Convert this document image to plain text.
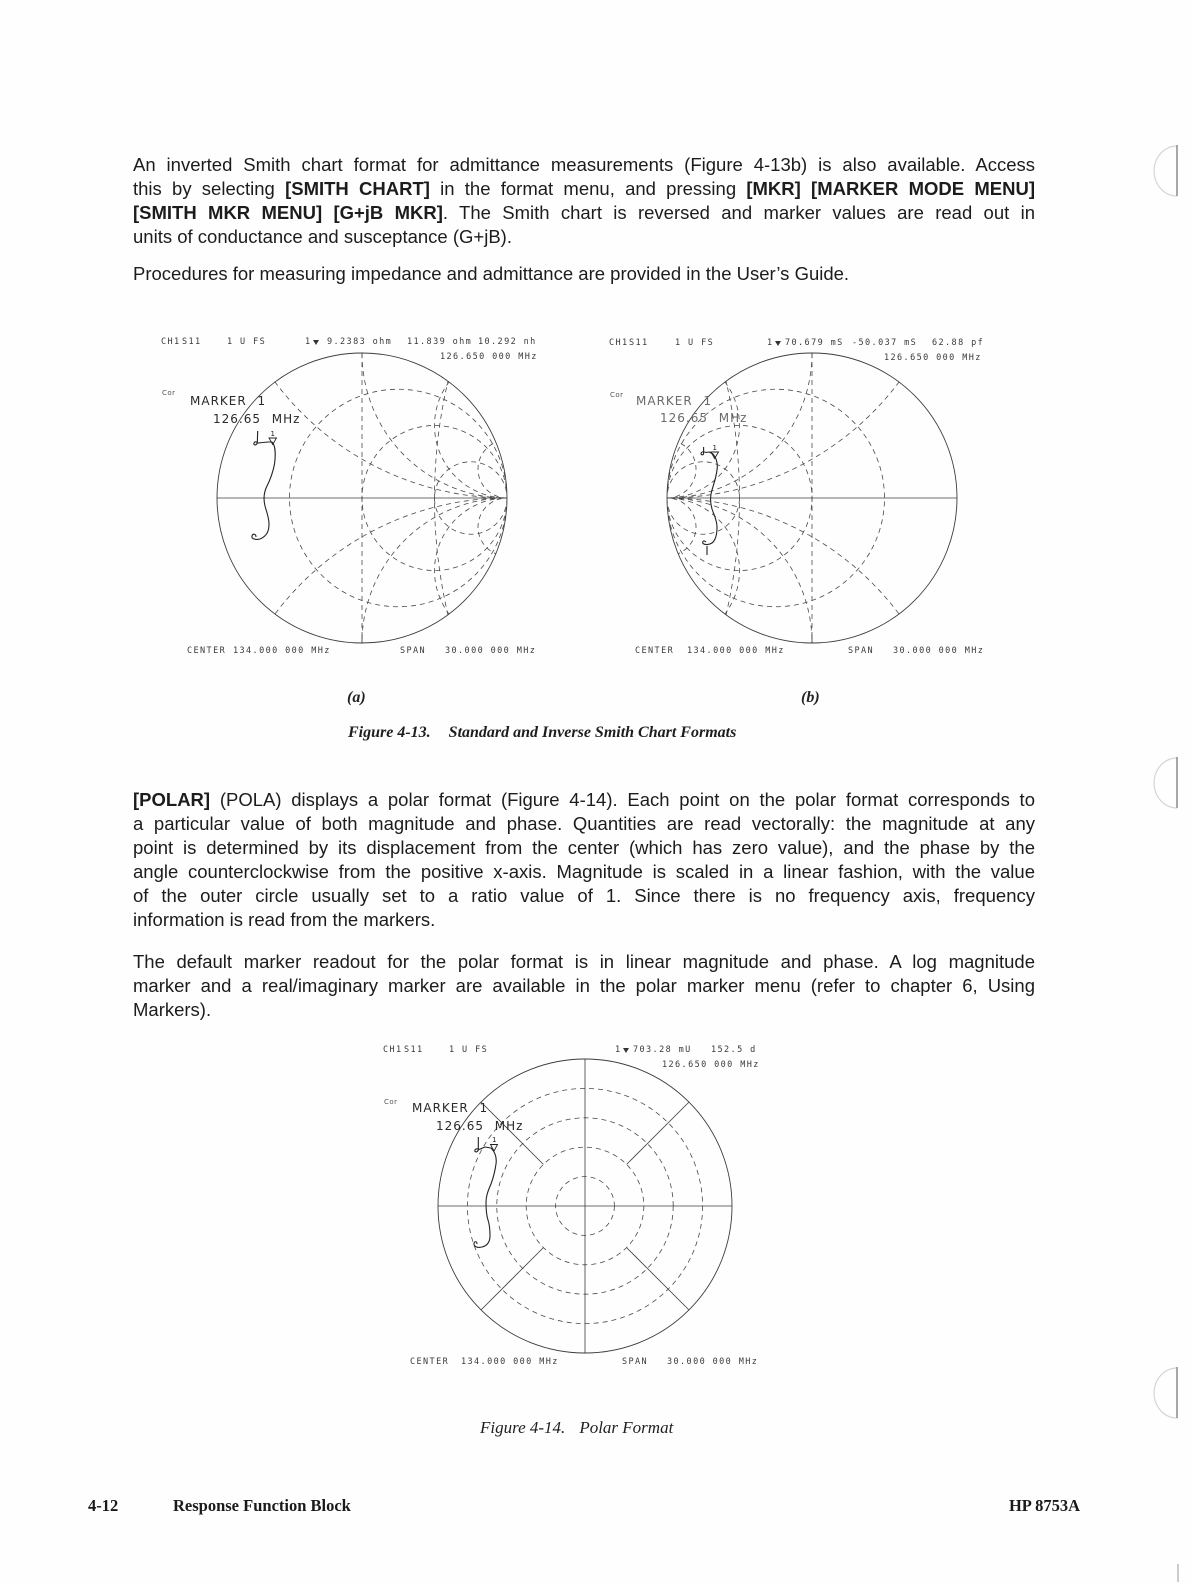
An inverted Smith chart format for admittance measurements (Figure 4-13b) is also available. Access
this by selecting [SMITH CHART] in the format menu, and pressing [MKR] [MARKER MODE MENU]
[SMITH MKR MENU] [G+jB MKR]. The Smith chart is reversed and marker values are read out in
units of conductance and susceptance (G+jB).
Procedures for measuring impedance and admittance are provided in the User’s Guide.
CH1 S11	1 U FS	1	9.2383 ohm 11.839 ohm 10.292 nh
126.650 000 MHz
Cor
1
MARKER 1
126.65 MHz
CENTER 134.000 000 MHz	SPAN 30.000 000 MHz
CH1 S11	1 U FS	1	70.679 mS -50.037 mS 62.88 pf
126.650 000 MHz
Cor
1
MARKER 1
126.65 MHz
CENTER 134.000 000 MHz	SPAN 30.000 000 MHz
(a)	(b)
Figure 4-13. Standard and Inverse Smith Chart Formats
[POLAR] (POLA) displays a polar format (Figure 4-14). Each point on the polar format corresponds to
a particular value of both magnitude and phase. Quantities are read vectorally: the magnitude at any
point is determined by its displacement from the center (which has zero value), and the phase by the
angle counterclockwise from the positive x-axis. Magnitude is scaled in a linear fashion, with the value
of the outer circle usually set to a ratio value of 1. Since there is no frequency axis, frequency
information is read from the markers.
The default marker readout for the polar format is in linear magnitude and phase. A log magnitude
marker and a real/imaginary marker are available in the polar marker menu (refer to chapter 6, Using
Markers).
CH1 S11	1 U FS	1	703.28 mU 152.5 d
126.650 000 MHz
Cor
1
MARKER 1
126.65 MHz
CENTER 134.000 000 MHz	SPAN 30.000 000 MHz
Figure 4-14. Polar Format
4-12	Response Function Block	HP 8753A
